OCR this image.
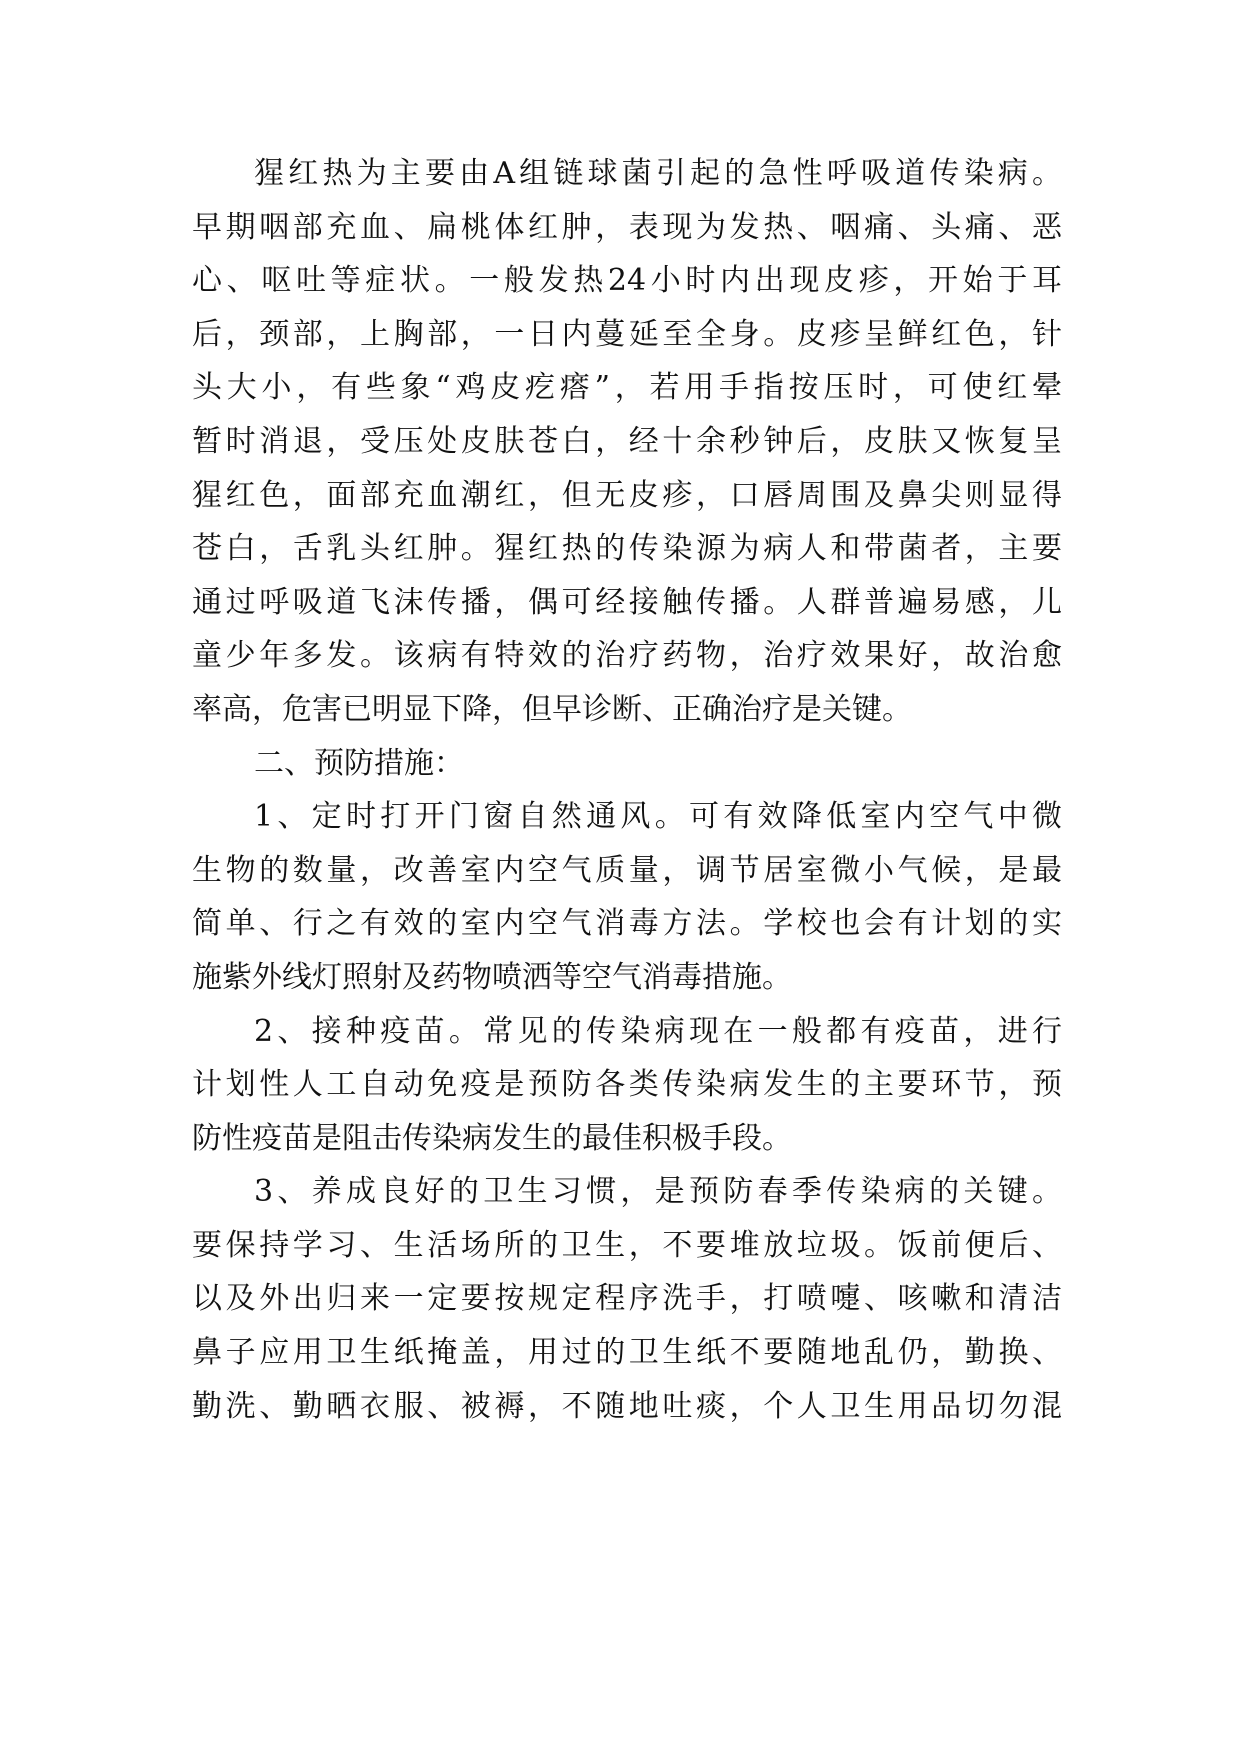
猩红热为主要由A组链球菌引起的急性呼吸道传染病。
早期咽部充血、扁桃体红肿，表现为发热、咽痛、头痛、恶
心、呕吐等症状。一般发热24小时内出现皮疹，开始于耳
后，颈部，上胸部，一日内蔓延至全身。皮疹呈鲜红色，针
头大小，有些象“鸡皮疙瘩”，若用手指按压时，可使红晕
暂时消退，受压处皮肤苍白，经十余秒钟后，皮肤又恢复呈
猩红色，面部充血潮红，但无皮疹，口唇周围及鼻尖则显得
苍白，舌乳头红肿。猩红热的传染源为病人和带菌者，主要
通过呼吸道飞沫传播，偶可经接触传播。人群普遍易感，儿
童少年多发。该病有特效的治疗药物，治疗效果好，故治愈
率高，危害已明显下降，但早诊断、正确治疗是关键。
二、预防措施：
1、定时打开门窗自然通风。可有效降低室内空气中微
生物的数量，改善室内空气质量，调节居室微小气候，是最
简单、行之有效的室内空气消毒方法。学校也会有计划的实
施紫外线灯照射及药物喷洒等空气消毒措施。
2、接种疫苗。常见的传染病现在一般都有疫苗，进行
计划性人工自动免疫是预防各类传染病发生的主要环节，预
防性疫苗是阻击传染病发生的最佳积极手段。
3、养成良好的卫生习惯，是预防春季传染病的关键。
要保持学习、生活场所的卫生，不要堆放垃圾。饭前便后、
以及外出归来一定要按规定程序洗手，打喷嚏、咳嗽和清洁
鼻子应用卫生纸掩盖，用过的卫生纸不要随地乱仍，勤换、
勤洗、勤晒衣服、被褥，不随地吐痰，个人卫生用品切勿混
